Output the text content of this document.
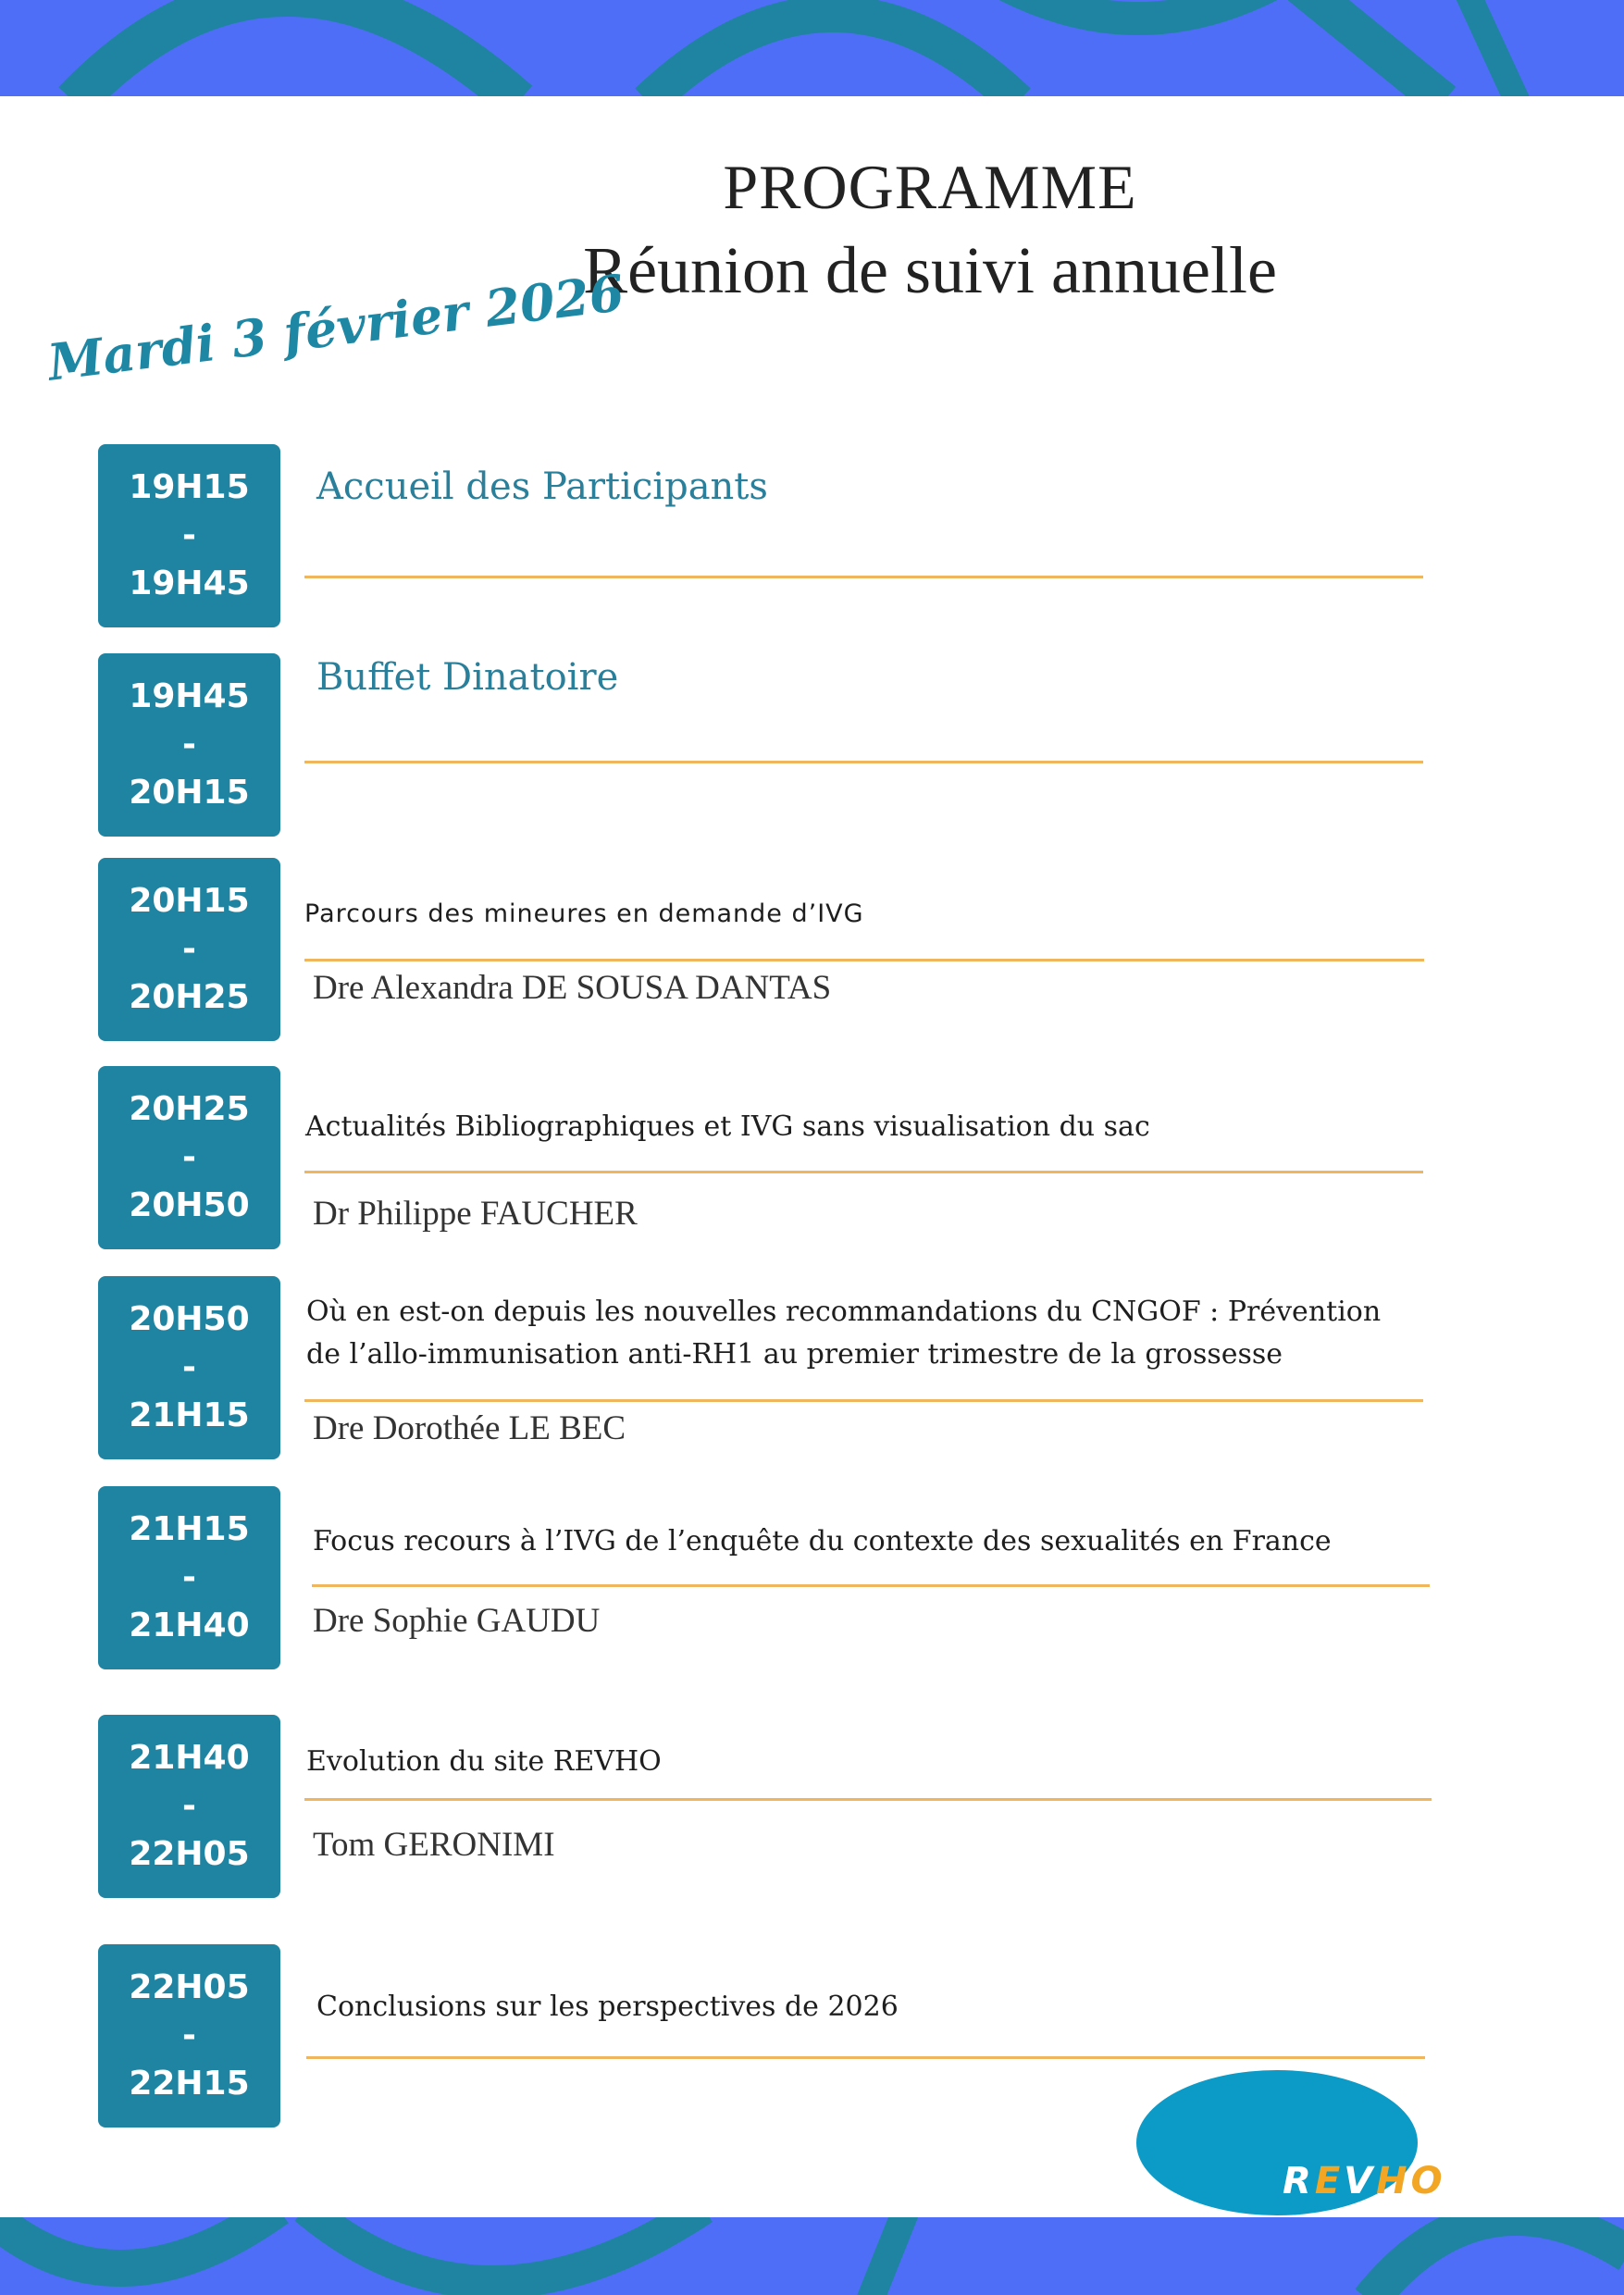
PROGRAMME
Réunion de suivi annuelle
Mardi 3 février 2026
19H15
-
19H45
Accueil des Participants
19H45
-
20H15
Buffet Dinatoire
20H15
-
20H25
Parcours des mineures en demande d’IVG
Dre Alexandra DE SOUSA DANTAS
20H25
-
20H50
Actualités Bibliographiques et IVG sans visualisation du sac
Dr Philippe FAUCHER
20H50
-
21H15
Où en est-on depuis les nouvelles recommandations du CNGOF : Prévention de l’allo-immunisation anti-RH1 au premier trimestre de la grossesse
Dre Dorothée LE BEC
21H15
-
21H40
Focus recours à l’IVG de l’enquête du contexte des sexualités en France
Dre Sophie GAUDU
21H40
-
22H05
Evolution du site REVHO
Tom GERONIMI
22H05
-
22H15
Conclusions sur les perspectives de 2026
REVHO
